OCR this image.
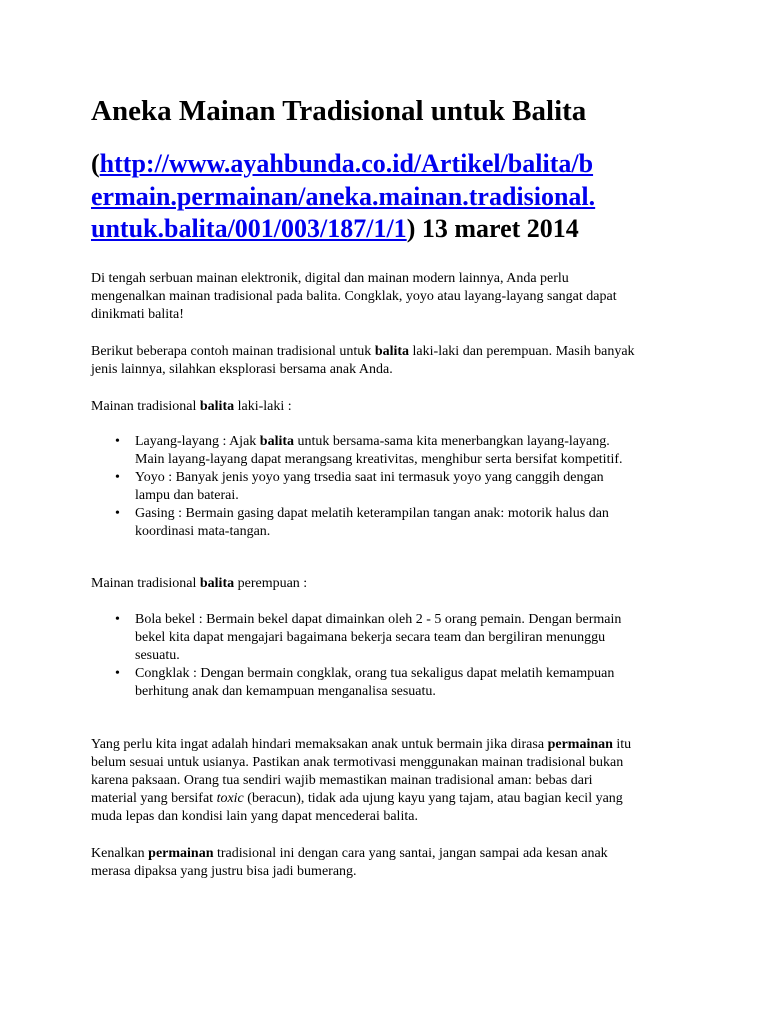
Aneka Mainan Tradisional untuk Balita
(http://www.ayahbunda.co.id/Artikel/balita/b
ermain.permainan/aneka.mainan.tradisional.
untuk.balita/001/003/187/1/1) 13 maret 2014

Di tengah serbuan mainan elektronik, digital dan mainan modern lainnya, Anda perlu
mengenalkan mainan tradisional pada balita. Congklak, yoyo atau layang-layang sangat dapat
dinikmati balita!

Berikut beberapa contoh mainan tradisional untuk balita laki-laki dan perempuan. Masih banyak
jenis lainnya, silahkan eksplorasi bersama anak Anda.

Mainan tradisional balita laki-laki :

• Layang-layang : Ajak balita untuk bersama-sama kita menerbangkan layang-layang.
Main layang-layang dapat merangsang kreativitas, menghibur serta bersifat kompetitif.
• Yoyo : Banyak jenis yoyo yang trsedia saat ini termasuk yoyo yang canggih dengan
lampu dan baterai.
• Gasing : Bermain gasing dapat melatih keterampilan tangan anak: motorik halus dan
koordinasi mata-tangan.

Mainan tradisional balita perempuan :

• Bola bekel : Bermain bekel dapat dimainkan oleh 2 - 5 orang pemain. Dengan bermain
bekel kita dapat mengajari bagaimana bekerja secara team dan bergiliran menunggu
sesuatu.
• Congklak : Dengan bermain congklak, orang tua sekaligus dapat melatih kemampuan
berhitung anak dan kemampuan menganalisa sesuatu.

Yang perlu kita ingat adalah hindari memaksakan anak untuk bermain jika dirasa permainan itu
belum sesuai untuk usianya. Pastikan anak termotivasi menggunakan mainan tradisional bukan
karena paksaan. Orang tua sendiri wajib memastikan mainan tradisional aman: bebas dari
material yang bersifat toxic (beracun), tidak ada ujung kayu yang tajam, atau bagian kecil yang
muda lepas dan kondisi lain yang dapat mencederai balita.

Kenalkan permainan tradisional ini dengan cara yang santai, jangan sampai ada kesan anak
merasa dipaksa yang justru bisa jadi bumerang.
